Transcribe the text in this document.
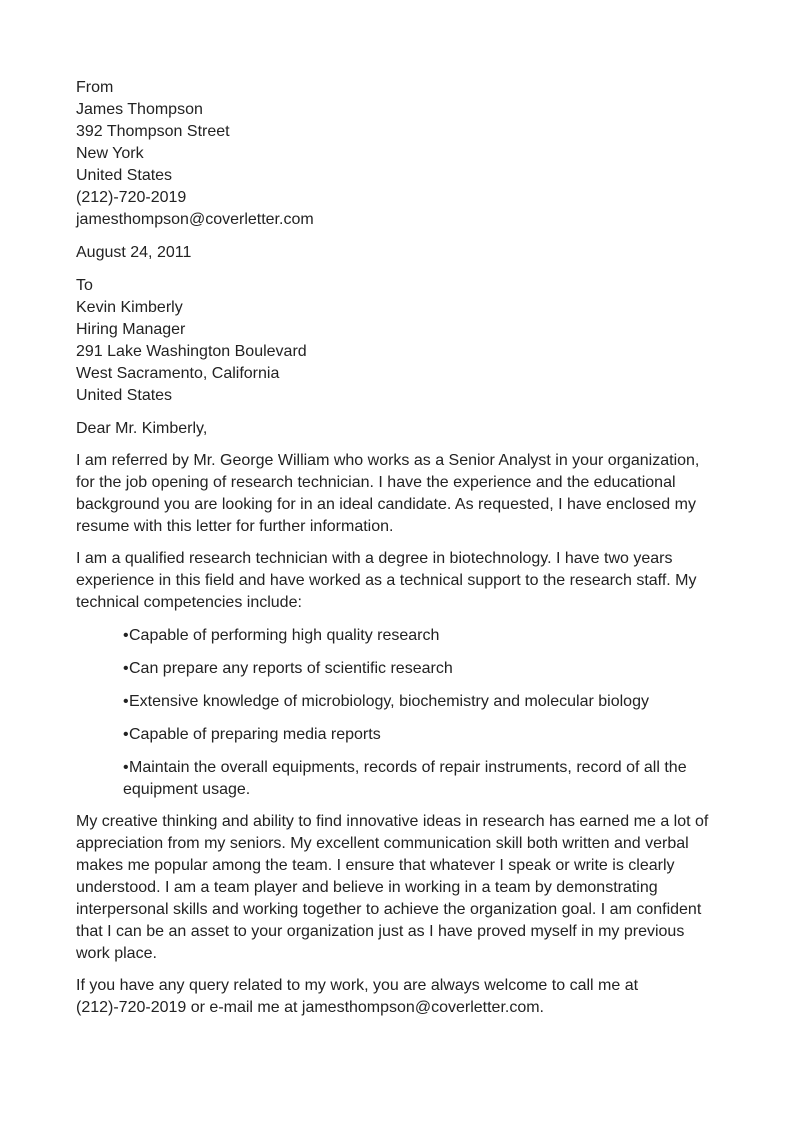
From
James Thompson
392 Thompson Street
New York
United States
(212)-720-2019
jamesthompson@coverletter.com
August 24, 2011
To
Kevin Kimberly
Hiring Manager
291 Lake Washington Boulevard
West Sacramento, California
United States
Dear Mr. Kimberly,

I am referred by Mr. George William who works as a Senior Analyst in your organization,
for the job opening of research technician. I have the experience and the educational
background you are looking for in an ideal candidate. As requested, I have enclosed my
resume with this letter for further information.

I am a qualified research technician with a degree in biotechnology. I have two years
experience in this field and have worked as a technical support to the research staff. My
technical competencies include:

•Capable of performing high quality research
•Can prepare any reports of scientific research
•Extensive knowledge of microbiology, biochemistry and molecular biology
•Capable of preparing media reports
•Maintain the overall equipments, records of repair instruments, record of all the
equipment usage.

My creative thinking and ability to find innovative ideas in research has earned me a lot of
appreciation from my seniors. My excellent communication skill both written and verbal
makes me popular among the team. I ensure that whatever I speak or write is clearly
understood. I am a team player and believe in working in a team by demonstrating
interpersonal skills and working together to achieve the organization goal. I am confident
that I can be an asset to your organization just as I have proved myself in my previous
work place.

If you have any query related to my work, you are always welcome to call me at
(212)-720-2019 or e-mail me at jamesthompson@coverletter.com.
